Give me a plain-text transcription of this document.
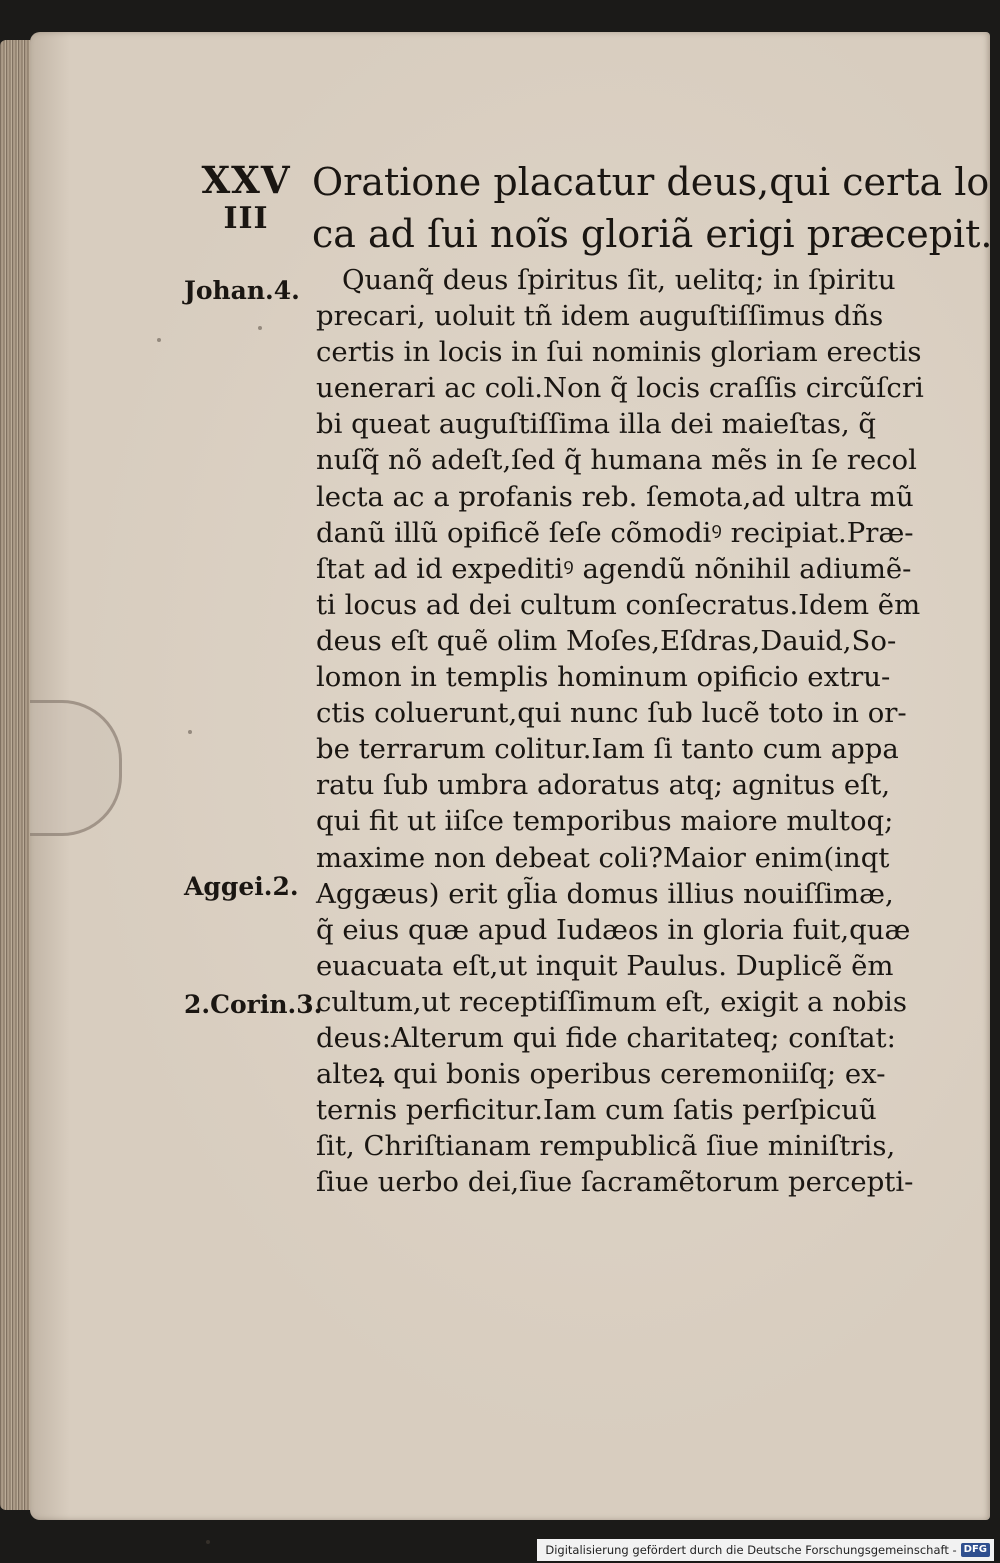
XXV
III
Oratione placatur deus,qui certa lo
ca ad ſui noĩs gloriã erigi præcepit.
Johan.4.
Aggei.2.
2.Corin.3.
Quanq̃ deus ſpiritus ſit, uelitq; in ſpiritu
precari, uoluit tñ idem auguſtiſſimus dñs
certis in locis in ſui nominis gloriam erectis
uenerari ac coli.Non q̃ locis craſſis circũſcri
bi queat auguſtiſſima illa dei maieſtas, q̃
nuſq̃ nõ adeſt,ſed q̃ humana mẽs in ſe recol
lecta ac a profanis reb. ſemota,ad ultra mũ
danũ illũ opificẽ ſeſe cõmodiꝰ recipiat.Præ-
ſtat ad id expeditiꝰ agendũ nõnihil adiumẽ-
ti locus ad dei cultum conſecratus.Idem ẽm
deus eſt quẽ olim Moſes,Eſdras,Dauid,So-
lomon in templis hominum opificio extru-
ctis coluerunt,qui nunc ſub lucẽ toto in or-
be terrarum colitur.Iam ſi tanto cum appa
ratu ſub umbra adoratus atq; agnitus eſt,
qui fit ut iiſce temporibus maiore multoq;
maxime non debeat coli?Maior enim(inqt
Aggæus) erit gl̃ia domus illius nouiſſimæ,
q̃ eius quæ apud Iudæos in gloria fuit,quæ
euacuata eſt,ut inquit Paulus. Duplicẽ ẽm
cultum,ut receptiſſimum eſt, exigit a nobis
deus:Alterum qui fide charitateq; conſtat:
alteꝝ qui bonis operibus ceremoniiſq; ex-
ternis perficitur.Iam cum ſatis perſpicuũ
ſit, Chriſtianam rempublicã ſiue miniſtris,
ſiue uerbo dei,ſiue ſacramẽtorum percepti-
Digitalisierung gefördert durch die Deutsche Forschungsgemeinschaft - DFG
